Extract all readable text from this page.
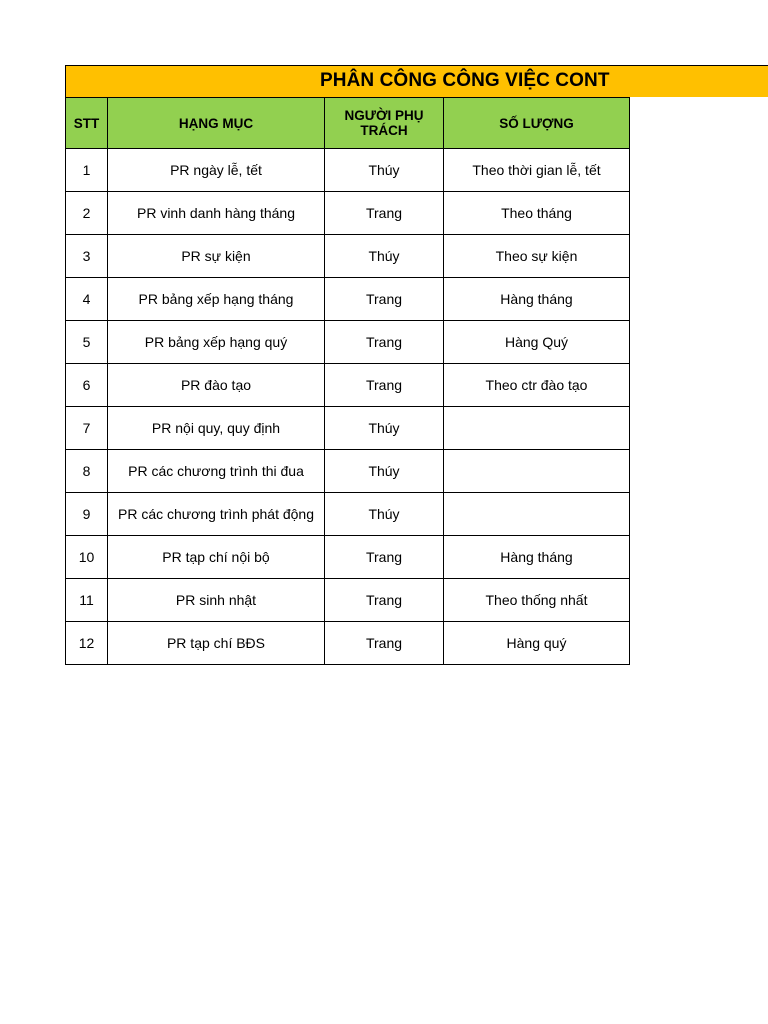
PHÂN CÔNG CÔNG VIỆC CONT
STT	HẠNG MỤC	NGƯỜI PHỤ TRÁCH	SỐ LƯỢNG
1	PR ngày lễ, tết	Thúy	Theo thời gian lễ, tết
2	PR vinh danh hàng tháng	Trang	Theo tháng
3	PR sự kiện	Thúy	Theo sự kiện
4	PR bảng xếp hạng tháng	Trang	Hàng tháng
5	PR bảng xếp hạng quý	Trang	Hàng Quý
6	PR đào tạo	Trang	Theo ctr đào tạo
7	PR nội quy, quy định	Thúy	
8	PR các chương trình thi đua	Thúy	
9	PR các chương trình phát động	Thúy	
10	PR tạp chí nội bộ	Trang	Hàng tháng
11	PR sinh nhật	Trang	Theo thống nhất
12	PR tạp chí BĐS	Trang	Hàng quý
